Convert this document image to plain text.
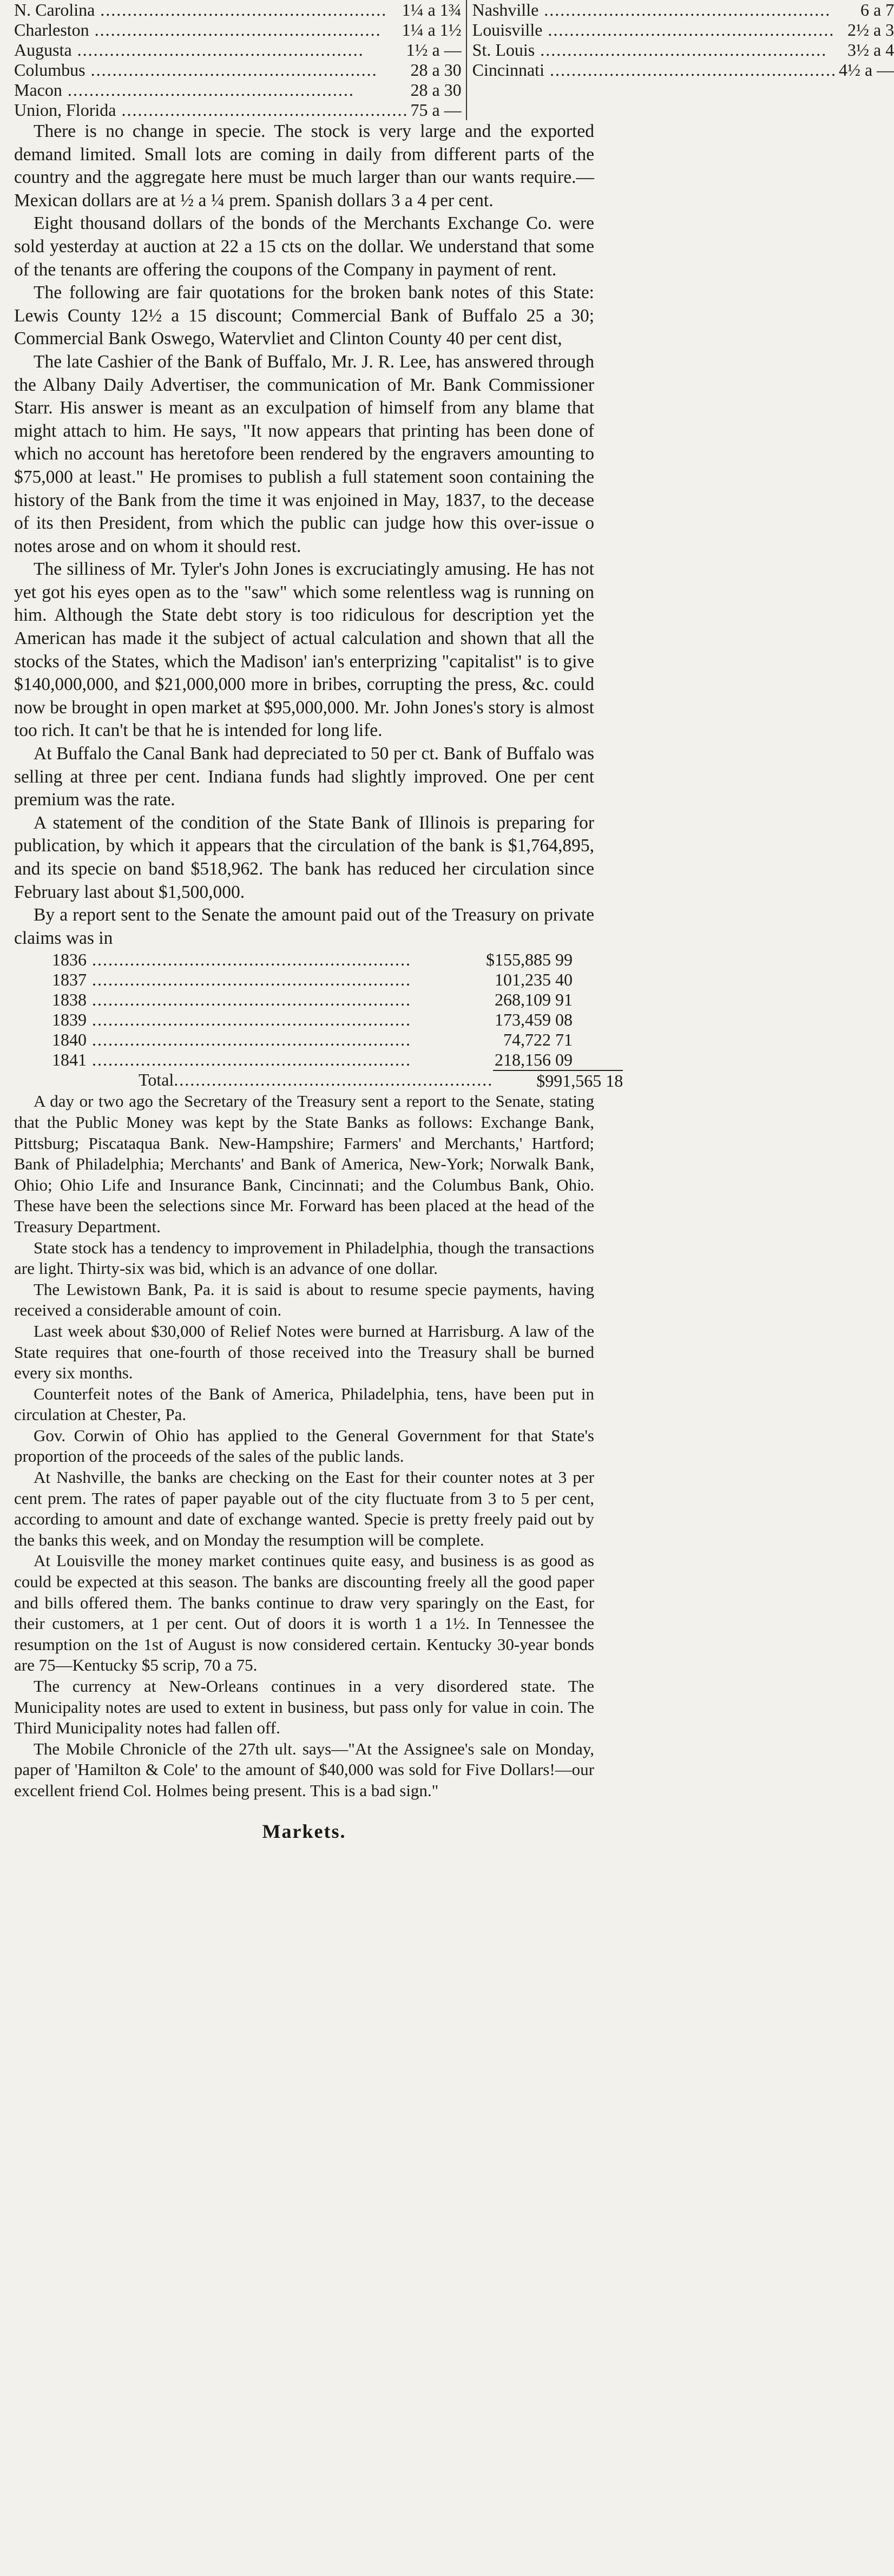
N. Carolina .....	1¼ a 1¾
Charleston .....	1¼ a 1½
Augusta .....	1½ a —
Columbus .....	28 a 30
Macon .....	28 a 30
Union, Florida .....	75 a —
Nashville .....	6 a 7
Louisville .....	2½ a 3
St. Louis .....	3½ a 4
Cincinnati .....	4½ a —

There is no change in specie. The stock is very large and the exported demand limited. Small lots are coming in daily from different parts of the country and the aggregate here must be much larger than our wants require.—Mexican dollars are at ½ a ¼ prem. Spanish dollars 3 a 4 per cent.

Eight thousand dollars of the bonds of the Merchants Exchange Co. were sold yesterday at auction at 22 a 15 cts on the dollar. We understand that some of the tenants are offering the coupons of the Company in payment of rent.

The following are fair quotations for the broken bank notes of this State: Lewis County 12½ a 15 discount; Commercial Bank of Buffalo 25 a 30; Commercial Bank Oswego, Watervliet and Clinton County 40 per cent dist,

The late Cashier of the Bank of Buffalo, Mr. J. R. Lee, has answered through the Albany Daily Advertiser, the communication of Mr. Bank Commissioner Starr. His answer is meant as an exculpation of himself from any blame that might attach to him. He says, "It now appears that printing has been done of which no account has heretofore been rendered by the engravers amounting to $75,000 at least." He promises to publish a full statement soon containing the history of the Bank from the time it was enjoined in May, 1837, to the decease of its then President, from which the public can judge how this over-issue o notes arose and on whom it should rest.

The silliness of Mr. Tyler's John Jones is excruciatingly amusing. He has not yet got his eyes open as to the "saw" which some relentless wag is running on him. Although the State debt story is too ridiculous for description yet the American has made it the subject of actual calculation and shown that all the stocks of the States, which the Madison' ian's enterprizing "capitalist" is to give $140,000,000, and $21,000,000 more in bribes, corrupting the press, &c. could now be brought in open market at $95,000,000. Mr. John Jones's story is almost too rich. It can't be that he is intended for long life.

At Buffalo the Canal Bank had depreciated to 50 per ct. Bank of Buffalo was selling at three per cent. Indiana funds had slightly improved. One per cent premium was the rate.

A statement of the condition of the State Bank of Illinois is preparing for publication, by which it appears that the circulation of the bank is $1,764,895, and its specie on band $518,962. The bank has reduced her circulation since February last about $1,500,000.

By a report sent to the Senate the amount paid out of the Treasury on private claims was in

1836 .....	$155,885 99
1837 .....	101,235 40
1838 .....	268,109 91
1839 .....	173,459 08
1840 .....	74,722 71
1841 .....	218,156 09
Total .....	$991,565 18

A day or two ago the Secretary of the Treasury sent a report to the Senate, stating that the Public Money was kept by the State Banks as follows: Exchange Bank, Pittsburg; Piscataqua Bank. New-Hampshire; Farmers' and Merchants,' Hartford; Bank of Philadelphia; Merchants' and Bank of America, New-York; Norwalk Bank, Ohio; Ohio Life and Insurance Bank, Cincinnati; and the Columbus Bank, Ohio. These have been the selections since Mr. Forward has been placed at the head of the Treasury Department.

State stock has a tendency to improvement in Philadelphia, though the transactions are light. Thirty-six was bid, which is an advance of one dollar.

The Lewistown Bank, Pa. it is said is about to resume specie payments, having received a considerable amount of coin.

Last week about $30,000 of Relief Notes were burned at Harrisburg. A law of the State requires that one-fourth of those received into the Treasury shall be burned every six months.

Counterfeit notes of the Bank of America, Philadelphia, tens, have been put in circulation at Chester, Pa.

Gov. Corwin of Ohio has applied to the General Government for that State's proportion of the proceeds of the sales of the public lands.

At Nashville, the banks are checking on the East for their counter notes at 3 per cent prem. The rates of paper payable out of the city fluctuate from 3 to 5 per cent, according to amount and date of exchange wanted. Specie is pretty freely paid out by the banks this week, and on Monday the resumption will be complete.

At Louisville the money market continues quite easy, and business is as good as could be expected at this season. The banks are discounting freely all the good paper and bills offered them. The banks continue to draw very sparingly on the East, for their customers, at 1 per cent. Out of doors it is worth 1 a 1½. In Tennessee the resumption on the 1st of August is now considered certain. Kentucky 30-year bonds are 75—Kentucky $5 scrip, 70 a 75.

The currency at New-Orleans continues in a very disordered state. The Municipality notes are used to extent in business, but pass only for value in coin. The Third Municipality notes had fallen off.

The Mobile Chronicle of the 27th ult. says—"At the Assignee's sale on Monday, paper of 'Hamilton & Cole' to the amount of $40,000 was sold for Five Dollars!—our excellent friend Col. Holmes being present. This is a bad sign."

Markets.
